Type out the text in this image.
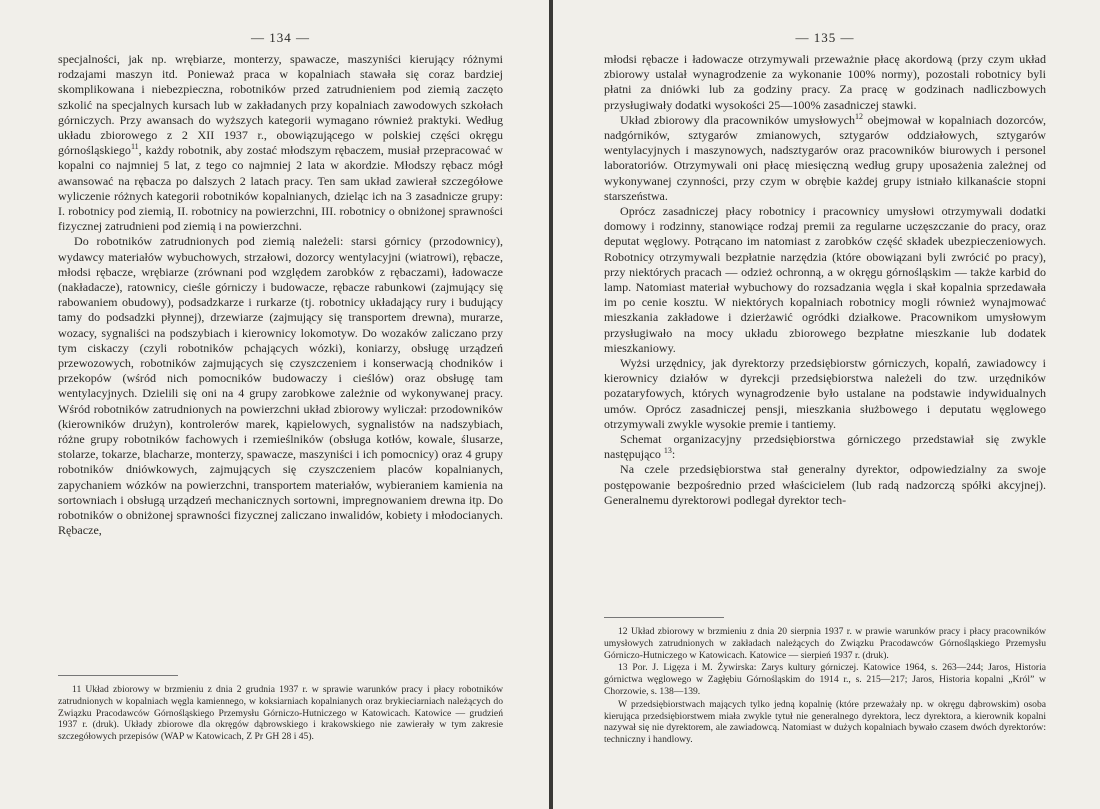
— 134 —

specjalności, jak np. wrębiarze, monterzy, spawacze, maszyniści kierujący różnymi rodzajami maszyn itd. Ponieważ praca w kopalniach stawała się coraz bardziej skomplikowana i niebezpieczna, robotników przed zatrudnieniem pod ziemią zaczęto szkolić na specjalnych kursach lub w zakładanych przy kopalniach zawodowych szkołach górniczych. Przy awansach do wyższych kategorii wymagano również praktyki. Według układu zbiorowego z 2 XII 1937 r., obowiązującego w polskiej części okręgu górnośląskiego$^{11}$, każdy robotnik, aby zostać młodszym rębaczem, musiał przepracować w kopalni co najmniej 5 lat, z tego co najmniej 2 lata w akordzie. Młodszy rębacz mógł awansować na rębacza po dalszych 2 latach pracy. Ten sam układ zawierał szczegółowe wyliczenie różnych kategorii robotników kopalnianych, dzieląc ich na 3 zasadnicze grupy: I. robotnicy pod ziemią, II. robotnicy na powierzchni, III. robotnicy o obniżonej sprawności fizycznej zatrudnieni pod ziemią i na powierzchni.

Do robotników zatrudnionych pod ziemią należeli: starsi górnicy (przodownicy), wydawcy materiałów wybuchowych, strzałowi, dozorcy wentylacyjni (wiatrowi), rębacze, młodsi rębacze, wrębiarze (zrównani pod względem zarobków z rębaczami), ładowacze (nakładacze), ratownicy, cieśle górniczy i budowacze, rębacze rabunkowi (zajmujący się rabowaniem obudowy), podsadzkarze i rurkarze (tj. robotnicy układający rury i budujący tamy do podsadzki płynnej), drzewiarze (zajmujący się transportem drewna), murarze, wozacy, sygnaliści na podszybiach i kierownicy lokomotyw. Do wozaków zaliczano przy tym ciskaczy (czyli robotników pchających wózki), koniarzy, obsługę urządzeń przewozowych, robotników zajmujących się czyszczeniem i konserwacją chodników i przekopów (wśród nich pomocników budowaczy i cieślów) oraz obsługę tam wentylacyjnych. Dzielili się oni na 4 grupy zarobkowe zależnie od wykonywanej pracy. Wśród robotników zatrudnionych na powierzchni układ zbiorowy wyliczał: przodowników (kierowników drużyn), kontrolerów marek, kąpielowych, sygnalistów na nadszybiach, różne grupy robotników fachowych i rzemieślników (obsługa kotłów, kowale, ślusarze, stolarze, tokarze, blacharze, monterzy, spawacze, maszyniści i ich pomocnicy) oraz 4 grupy robotników dniówkowych, zajmujących się czyszczeniem placów kopalnianych, zapychaniem wózków na powierzchni, transportem materiałów, wybieraniem kamienia na sortowniach i obsługą urządzeń mechanicznych sortowni, impregnowaniem drewna itp. Do robotników o obniżonej sprawności fizycznej zaliczano inwalidów, kobiety i młodocianych. Rębacze,

11 Układ zbiorowy w brzmieniu z dnia 2 grudnia 1937 r. w sprawie warunków pracy i płacy robotników zatrudnionych w kopalniach węgla kamiennego, w koksiarniach kopalnianych oraz brykieciarniach należących do Związku Pracodawców Górnośląskiego Przemysłu Górniczo-Hutniczego w Katowicach. Katowice — grudzień 1937 r. (druk). Układy zbiorowe dla okręgów dąbrowskiego i krakowskiego nie zawierały w tym zakresie szczegółowych przepisów (WAP w Katowicach, Z Pr GH 28 i 45).

— 135 —

młodsi rębacze i ładowacze otrzymywali przeważnie płacę akordową (przy czym układ zbiorowy ustalał wynagrodzenie za wykonanie 100% normy), pozostali robotnicy byli płatni za dniówki lub za godziny pracy. Za pracę w godzinach nadliczbowych przysługiwały dodatki wysokości 25—100% zasadniczej stawki.

Układ zbiorowy dla pracowników umysłowych$^{12}$ obejmował w kopalniach dozorców, nadgórników, sztygarów zmianowych, sztygarów oddziałowych, sztygarów wentylacyjnych i maszynowych, nadsztygarów oraz pracowników biurowych i personel laboratoriów. Otrzymywali oni płacę miesięczną według grupy uposażenia zależnej od wykonywanej czynności, przy czym w obrębie każdej grupy istniało kilkanaście stopni starszeństwa.

Oprócz zasadniczej płacy robotnicy i pracownicy umysłowi otrzymywali dodatki domowy i rodzinny, stanowiące rodzaj premii za regularne uczęszczanie do pracy, oraz deputat węglowy. Potrącano im natomiast z zarobków część składek ubezpieczeniowych. Robotnicy otrzymywali bezpłatnie narzędzia (które obowiązani byli zwrócić po pracy), przy niektórych pracach — odzież ochronną, a w okręgu górnośląskim — także karbid do lamp. Natomiast materiał wybuchowy do rozsadzania węgla i skał kopalnia sprzedawała im po cenie kosztu. W niektórych kopalniach robotnicy mogli również wynajmować mieszkania zakładowe i dzierżawić ogródki działkowe. Pracownikom umysłowym przysługiwało na mocy układu zbiorowego bezpłatne mieszkanie lub dodatek mieszkaniowy.

Wyżsi urzędnicy, jak dyrektorzy przedsiębiorstw górniczych, kopalń, zawiadowcy i kierownicy działów w dyrekcji przedsiębiorstwa należeli do tzw. urzędników pozataryfowych, których wynagrodzenie było ustalane na podstawie indywidualnych umów. Oprócz zasadniczej pensji, mieszkania służbowego i deputatu węglowego otrzymywali zwykle wysokie premie i tantiemy.

Schemat organizacyjny przedsiębiorstwa górniczego przedstawiał się zwykle następująco $^{13}$:

Na czele przedsiębiorstwa stał generalny dyrektor, odpowiedzialny za swoje postępowanie bezpośrednio przed właścicielem (lub radą nadzorczą spółki akcyjnej). Generalnemu dyrektorowi podlegał dyrektor tech-

12 Układ zbiorowy w brzmieniu z dnia 20 sierpnia 1937 r. w prawie warunków pracy i płacy pracowników umysłowych zatrudnionych w zakładach należących do Związku Pracodawców Górnośląskiego Przemysłu Górniczo-Hutniczego w Katowicach. Katowice — sierpień 1937 r. (druk).

13 Por. J. Ligęza i M. Żywirska: Zarys kultury górniczej. Katowice 1964, s. 263—244; Jaros, Historia górnictwa węglowego w Zagłębiu Górnośląskim do 1914 r., s. 215—217; Jaros, Historia kopalni „Król” w Chorzowie, s. 138—139.

W przedsiębiorstwach mających tylko jedną kopalnię (które przeważały np. w okręgu dąbrowskim) osoba kierująca przedsiębiorstwem miała zwykle tytuł nie generalnego dyrektora, lecz dyrektora, a kierownik kopalni nazywał się nie dyrektorem, ale zawiadowcą. Natomiast w dużych kopalniach bywało czasem dwóch dyrektorów: techniczny i handlowy.
